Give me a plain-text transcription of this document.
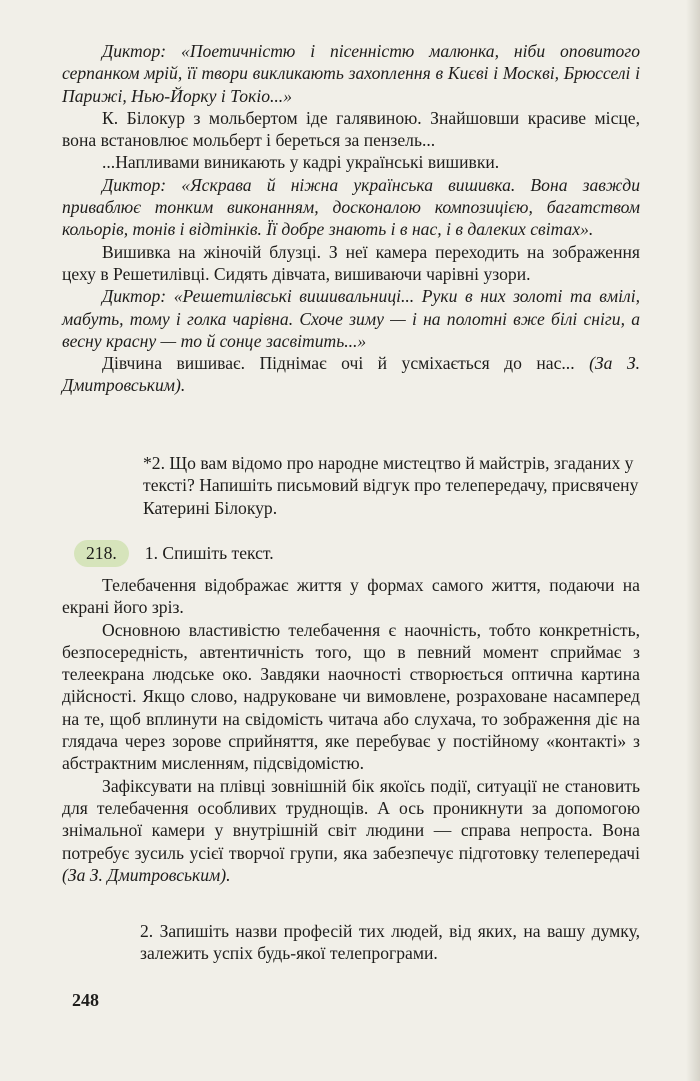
Диктор: «Поетичністю і пісенністю малюнка, ніби оповитого серпанком мрій, її твори викликають захоплення в Києві і Москві, Брюсселі і Парижі, Нью-Йорку і Токіо...»

К. Білокур з мольбертом іде галявиною. Знайшовши красиве місце, вона встановлює мольберт і береться за пензель...

...Напливами виникають у кадрі українські вишивки.

Диктор: «Яскрава й ніжна українська вишивка. Вона завжди приваблює тонким виконанням, досконалою композицією, багатством кольорів, тонів і відтінків. Її добре знають і в нас, і в далеких світах».

Вишивка на жіночій блузці. З неї камера переходить на зображення цеху в Решетилівці. Сидять дівчата, вишиваючи чарівні узори.

Диктор: «Решетилівські вишивальниці... Руки в них золоті та вмілі, мабуть, тому і голка чарівна. Схоче зиму — і на полотні вже білі сніги, а весну красну — то й сонце засвітить...»

Дівчина вишиває. Піднімає очі й усміхається до нас... (За З. Дмитровським).

*2. Що вам відомо про народне мистецтво й майстрів, згаданих у тексті? Напишіть письмовий відгук про телепередачу, присвячену Катерині Білокур.
218.	1. Спишіть текст.

Телебачення відображає життя у формах самого життя, подаючи на екрані його зріз.

Основною властивістю телебачення є наочність, тобто конкретність, безпосередність, автентичність того, що в певний момент сприймає з телеекрана людське око. Завдяки наочності створюється оптична картина дійсності. Якщо слово, надруковане чи вимовлене, розраховане насамперед на те, щоб вплинути на свідомість читача або слухача, то зображення діє на глядача через зорове сприйняття, яке перебуває у постійному «контакті» з абстрактним мисленням, підсвідомістю.

Зафіксувати на плівці зовнішній бік якоїсь події, ситуації не становить для телебачення особливих труднощів. А ось проникнути за допомогою знімальної камери у внутрішній світ людини — справа непроста. Вона потребує зусиль усієї творчої групи, яка забезпечує підготовку телепередачі (За З. Дмитровським).

2. Запишіть назви професій тих людей, від яких, на вашу думку, залежить успіх будь-якої телепрограми.
248
